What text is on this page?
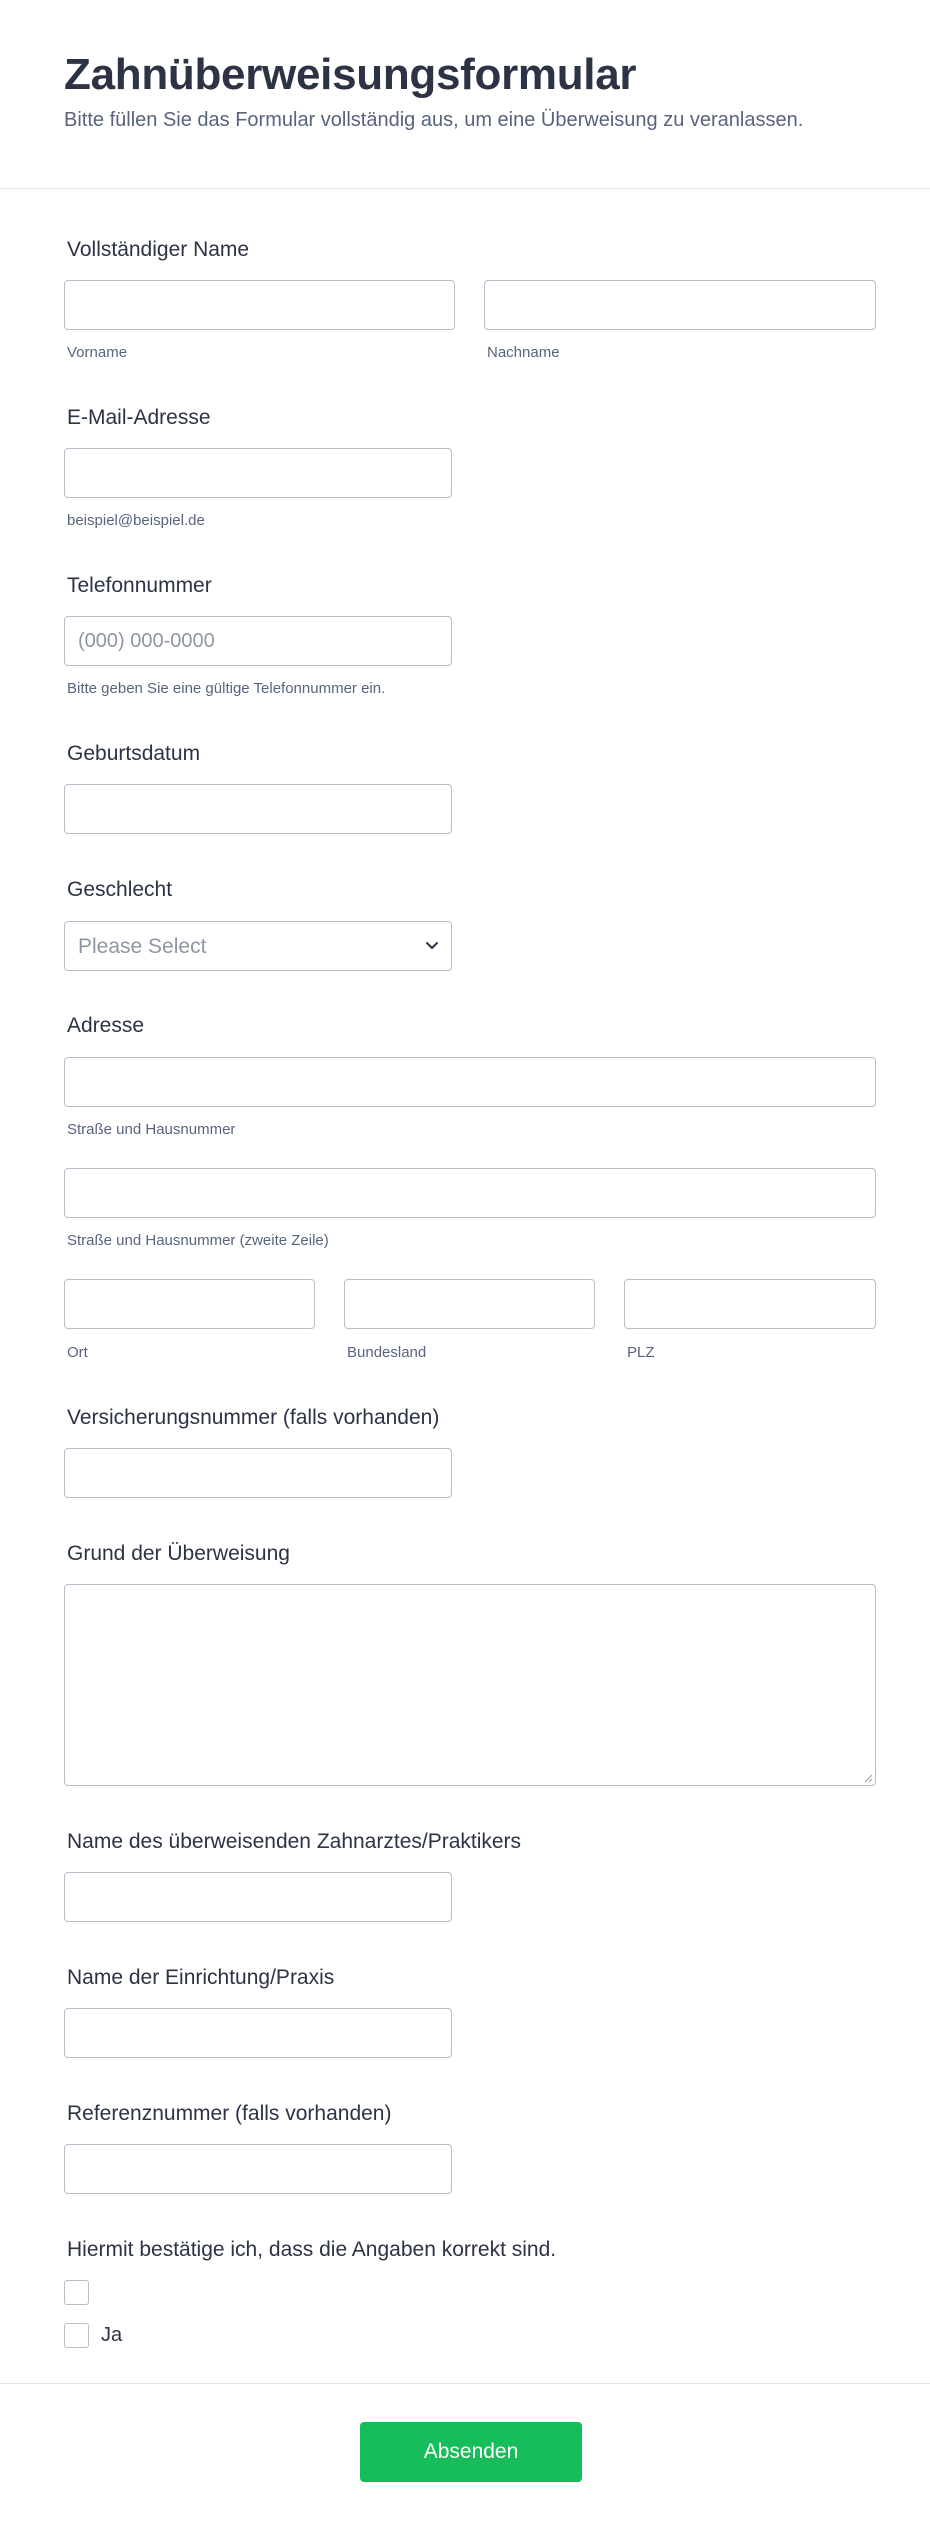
Zahnüberweisungsformular
Bitte füllen Sie das Formular vollständig aus, um eine Überweisung zu veranlassen.
Vollständiger Name
Vorname	Nachname
E-Mail-Adresse
beispiel@beispiel.de
Telefonnummer
(000) 000-0000
Bitte geben Sie eine gültige Telefonnummer ein.
Geburtsdatum
Geschlecht
Please Select
Adresse
Straße und Hausnummer
Straße und Hausnummer (zweite Zeile)
Ort	Bundesland	PLZ
Versicherungsnummer (falls vorhanden)
Grund der Überweisung
Name des überweisenden Zahnarztes/Praktikers
Name der Einrichtung/Praxis
Referenznummer (falls vorhanden)
Hiermit bestätige ich, dass die Angaben korrekt sind.
Ja
Absenden
